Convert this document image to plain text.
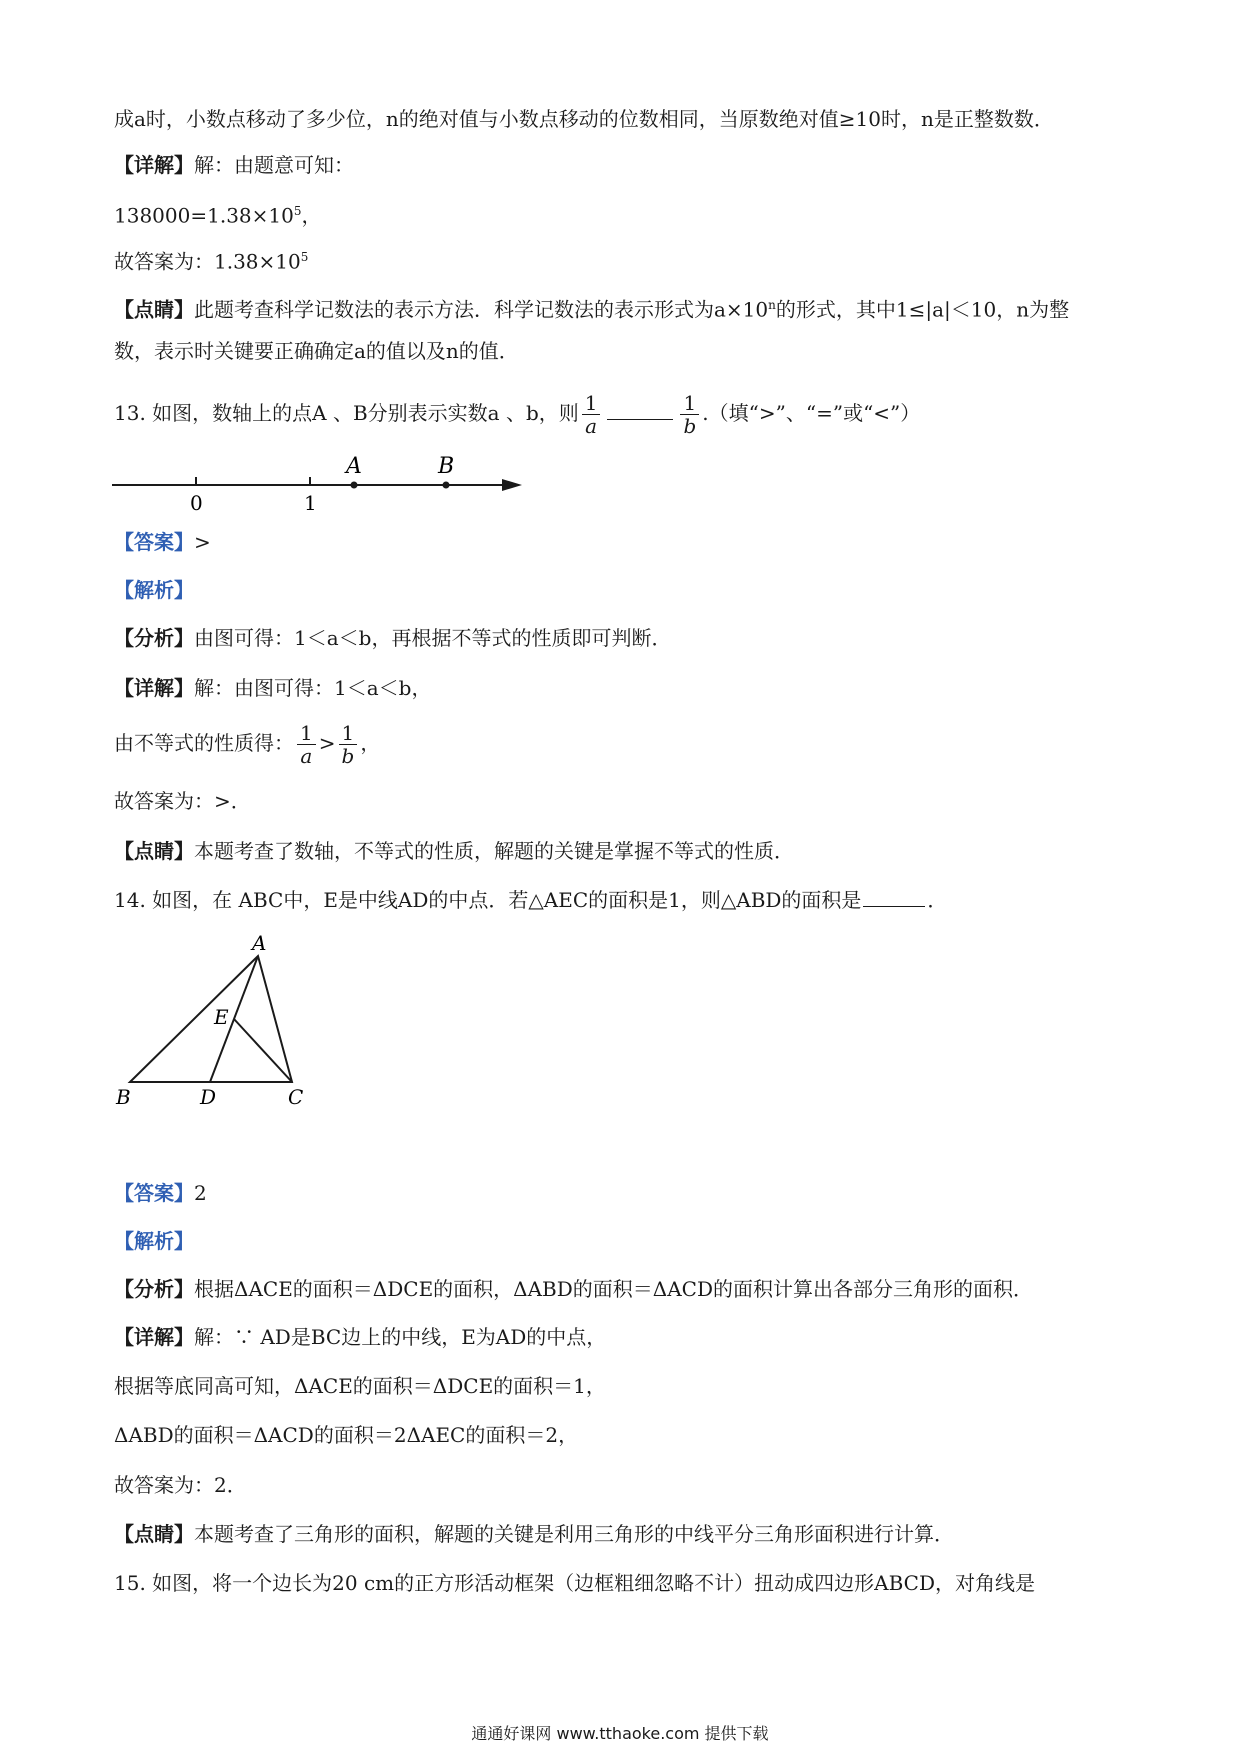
成a时，小数点移动了多少位，n的绝对值与小数点移动的位数相同，当原数绝对值≥10时，n是正整数数．
【详解】解：由题意可知：
$138000=1.38\times 10^5$，
故答案为：$1.38\times 10^5$
【点睛】此题考查科学记数法的表示方法．科学记数法的表示形式为$a\times 10^n$的形式，其中1≤|a|＜10，n为整
数，表示时关键要正确确定a的值以及n的值．
13. 如图，数轴上的点A 、B分别表示实数a 、b，则 $\frac{1}{a}$	$\frac{1}{b}$ .（填“>”、“=”或“<”）
0	1
A	B
【答案】>
【解析】
【分析】由图可得：1＜a＜b，再根据不等式的性质即可判断．
【详解】解：由图可得：1＜a＜b，
由不等式的性质得： $\frac{1}{a} > \frac{1}{b}$ ，
故答案为：>．
【点睛】本题考查了数轴，不等式的性质，解题的关键是掌握不等式的性质．
14. 如图，在 ABC中，E是中线AD的中点．若△AEC的面积是1，则△ABD的面积是	．
A
B	C
D
E
【答案】2
【解析】
【分析】根据ΔACE的面积＝ΔDCE的面积，ΔABD的面积＝ΔACD的面积计算出各部分三角形的面积．
【详解】解：∵ AD是BC边上的中线，E为AD的中点，
根据等底同高可知，ΔACE的面积＝ΔDCE的面积＝1，
ΔABD的面积＝ΔACD的面积＝2ΔAEC的面积＝2，
故答案为：2．
【点睛】本题考查了三角形的面积，解题的关键是利用三角形的中线平分三角形面积进行计算．
15. 如图，将一个边长为20 cm的正方形活动框架（边框粗细忽略不计）扭动成四边形ABCD，对角线是
通通好课网 www.tthaoke.com 提供下载
